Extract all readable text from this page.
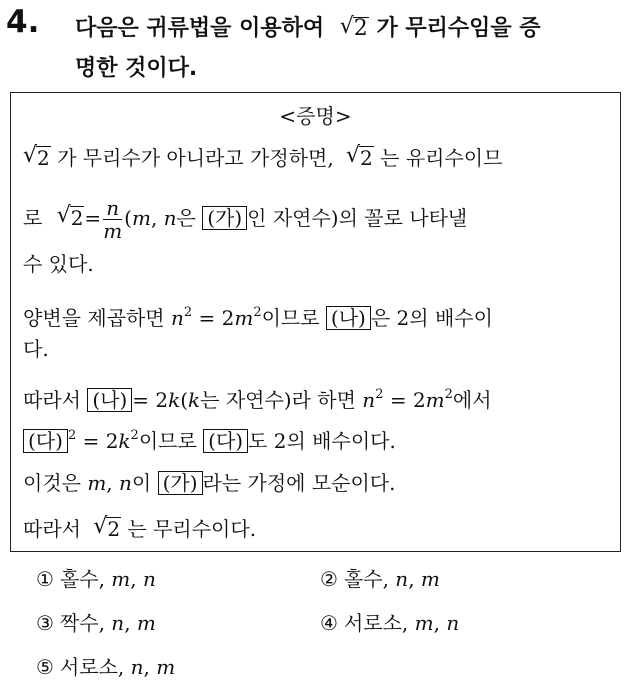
4. 다음은 귀류법을 이용하여 √ 2 가 무리수임을 증
명한 것이다.
<증명>
√ 2 가 무리수가 아니라고 가정하면, √ 2 는 유리수이므
로 √ $2= \frac{n}{m} (m$, n은 (가) 인 자연수)의 꼴로 나타낼
수 있다.
양변을 제곱하면 $n^2 = 2m^2$이므로 (나) 은 2의 배수이
다.
따라서 (나) = 2k(k는 자연수)라 하면 $n^2 = 2m^2$에서
(다) $^2 = 2k^2$이므로 (다) 도 2의 배수이다.
이것은 m, n이 (가) 라는 가정에 모순이다.
따라서 √ 2 는 무리수이다.
① 홀수, m, n	② 홀수, n, m
③ 짝수, n, m	④ 서로소, m, n
⑤ 서로소, n, m
